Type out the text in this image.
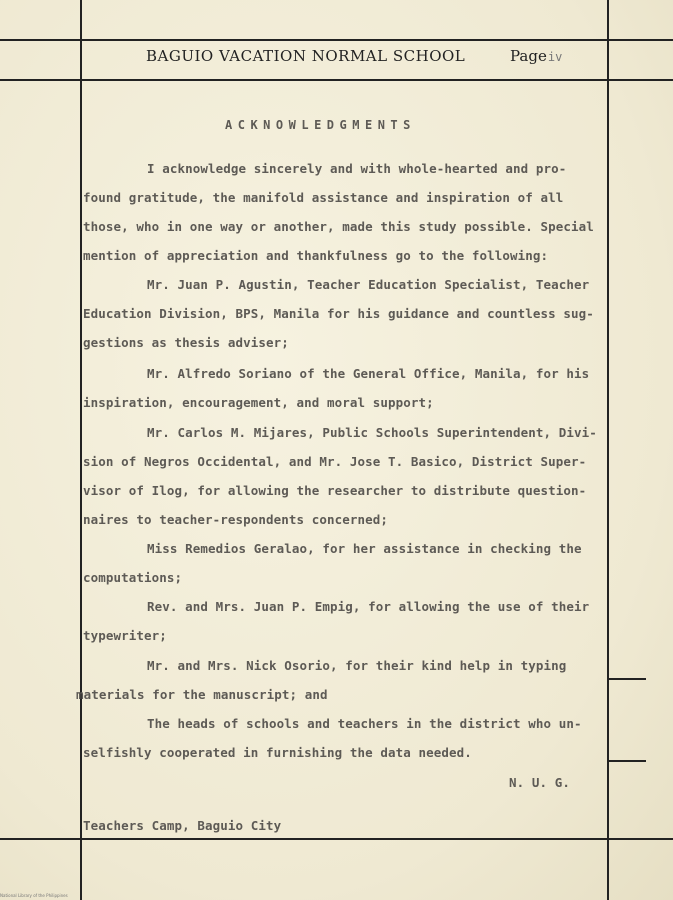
BAGUIO VACATION NORMAL SCHOOL	Pageiv
ACKNOWLEDGMENTS
I acknowledge sincerely and with whole-hearted and pro-
found gratitude, the manifold assistance and inspiration of all
those, who in one way or another, made this study possible. Special
mention of appreciation and thankfulness go to the following:
Mr. Juan P. Agustin, Teacher Education Specialist, Teacher
Education Division, BPS, Manila for his guidance and countless sug-
gestions as thesis adviser;
Mr. Alfredo Soriano of the General Office, Manila, for his
inspiration, encouragement, and moral support;
Mr. Carlos M. Mijares, Public Schools Superintendent, Divi-
sion of Negros Occidental, and Mr. Jose T. Basico, District Super-
visor of Ilog, for allowing the researcher to distribute question-
naires to teacher-respondents concerned;
Miss Remedios Geralao, for her assistance in checking the
computations;
Rev. and Mrs. Juan P. Empig, for allowing the use of their
typewriter;
Mr. and Mrs. Nick Osorio, for their kind help in typing
materials for the manuscript; and
The heads of schools and teachers in the district who un-
selfishly cooperated in furnishing the data needed.
N. U. G.
Teachers Camp, Baguio City
National Library of the Philippines
